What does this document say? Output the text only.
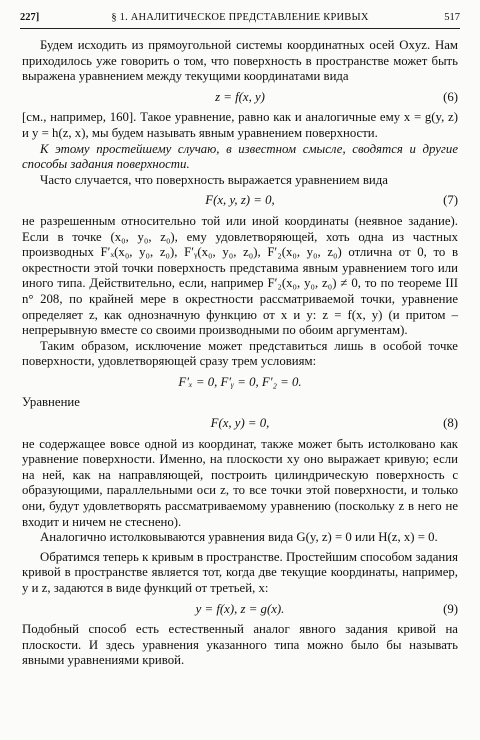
227]	§ 1. АНАЛИТИЧЕСКОЕ ПРЕДСТАВЛЕНИЕ КРИВЫХ	517

Будем исходить из прямоугольной системы координатных осей Oxyz. Нам приходилось уже говорить о том, что поверхность в пространстве может быть выражена уравнением между текущими координатами вида

z = f(x, y)	(6)

[см., например, 160]. Такое уравнение, равно как и аналогичные ему x = g(y, z) и y = h(z, x), мы будем называть явным уравнением поверхности.

К этому простейшему случаю, в известном смысле, сводятся и другие способы задания поверхности.

Часто случается, что поверхность выражается уравнением вида

F(x, y, z) = 0,	(7)

не разрешенным относительно той или иной координаты (неявное задание). Если в точке (x₀, y₀, z₀), ему удовлетворяющей, хоть одна из частных производных F′ₓ(x₀, y₀, z₀), F′ᵧ(x₀, y₀, z₀), F′₂(x₀, y₀, z₀) отлична от 0, то в окрестности этой точки поверхность представима явным уравнением того или иного типа. Действительно, если, например F′₂(x₀, y₀, z₀) ≠ 0, то по теореме III n° 208, по крайней мере в окрестности рассматриваемой точки, уравнение определяет z, как однозначную функцию от x и y: z = f(x, y) (и притом – непрерывную вместе со своими производными по обоим аргументам).

Таким образом, исключение может представиться лишь в особой точке поверхности, удовлетворяющей сразу трем условиям:

F′ₓ = 0, F′ᵧ = 0, F′₂ = 0.

Уравнение

F(x, y) = 0,	(8)

не содержащее вовсе одной из координат, также может быть истолковано как уравнение поверхности. Именно, на плоскости xy оно выражает кривую; если на ней, как на направляющей, построить цилиндрическую поверхность с образующими, параллельными оси z, то все точки этой поверхности, и только они, будут удовлетворять рассматриваемому уравнению (поскольку z в него не входит и ничем не стеснено).

Аналогично истолковываются уравнения вида G(y, z) = 0 или H(z, x) = 0.

Обратимся теперь к кривым в пространстве. Простейшим способом задания кривой в пространстве является тот, когда две текущие координаты, например, y и z, задаются в виде функций от третьей, x:

y = f(x), z = g(x).	(9)

Подобный способ есть естественный аналог явного задания кривой на плоскости. И здесь уравнения указанного типа можно было бы называть явными уравнениями кривой.
